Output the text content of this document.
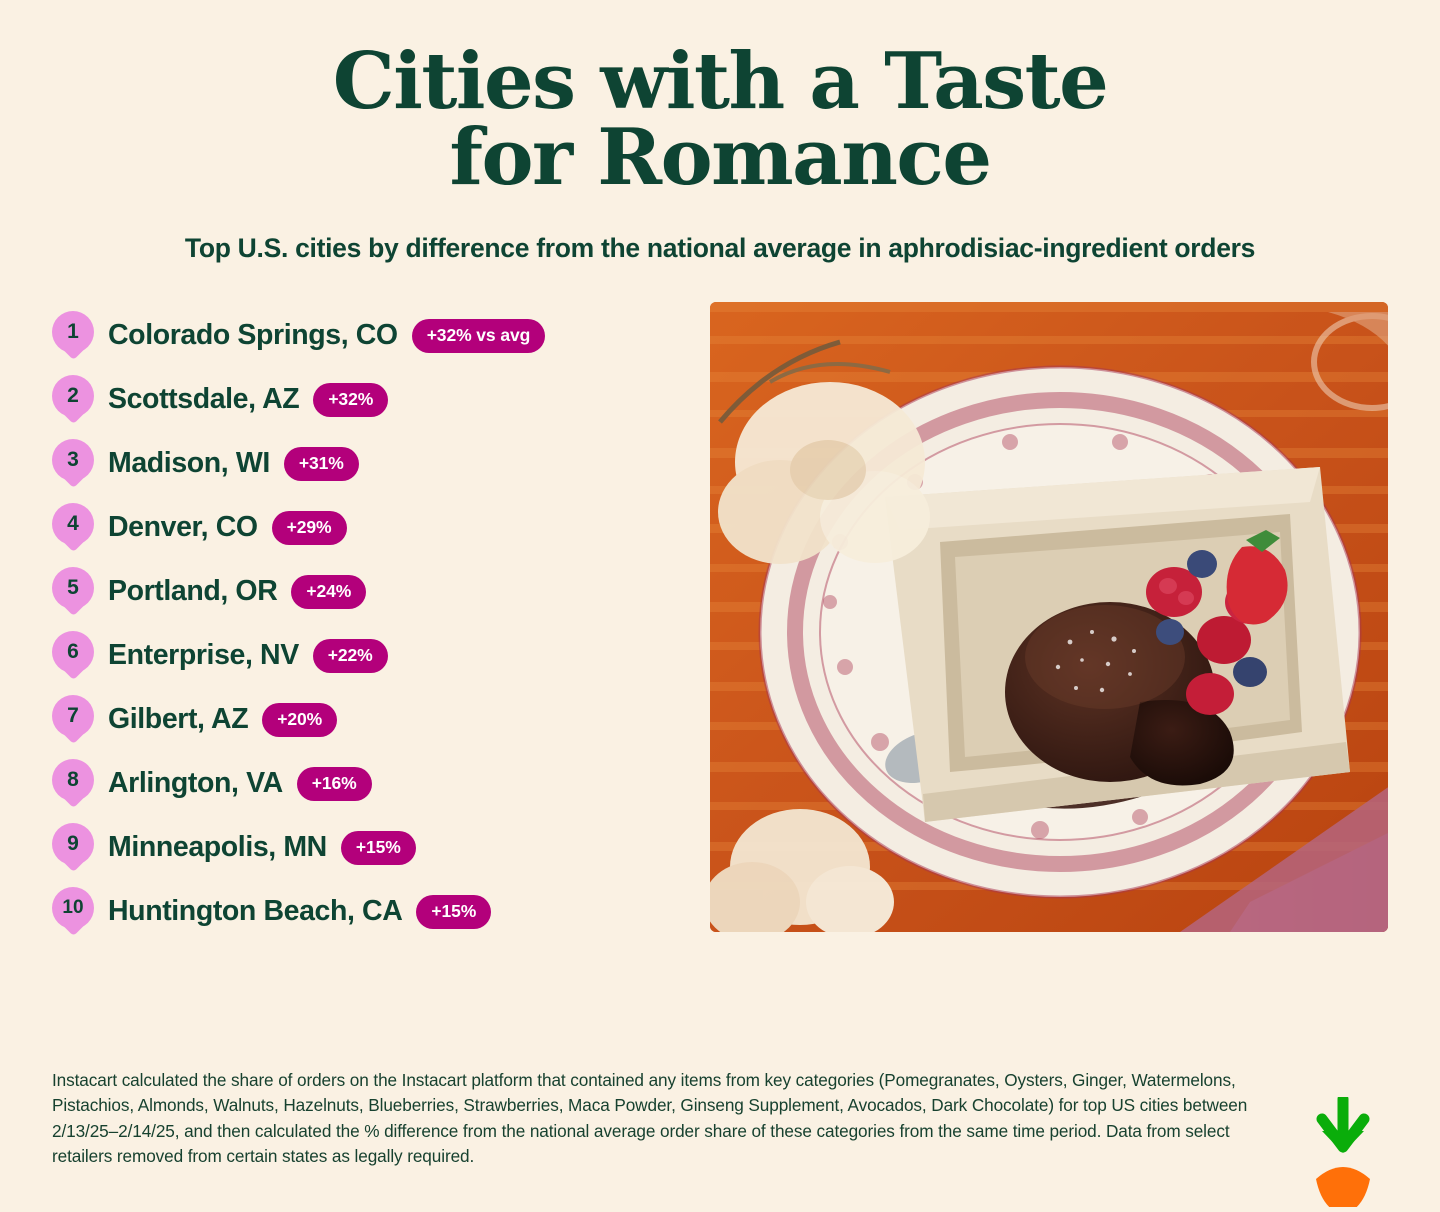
Cities with a Taste
for Romance
Top U.S. cities by difference from the national average in aphrodisiac-ingredient orders
1	Colorado Springs, CO	+32% vs avg
2	Scottsdale, AZ	+32%
3	Madison, WI	+31%
4	Denver, CO	+29%
5	Portland, OR	+24%
6	Enterprise, NV	+22%
7	Gilbert, AZ	+20%
8	Arlington, VA	+16%
9	Minneapolis, MN	+15%
10 Huntington Beach, CA	+15%
Instacart calculated the share of orders on the Instacart platform that contained any items from key categories (Pomegranates, Oysters, Ginger, Watermelons, Pistachios, Almonds, Walnuts, Hazelnuts, Blueberries, Strawberries, Maca Powder, Ginseng Supplement, Avocados, Dark Chocolate) for top US cities between 2/13/25–2/14/25, and then calculated the % difference from the national average order share of these categories from the same time period. Data from select retailers removed from certain states as legally required.
